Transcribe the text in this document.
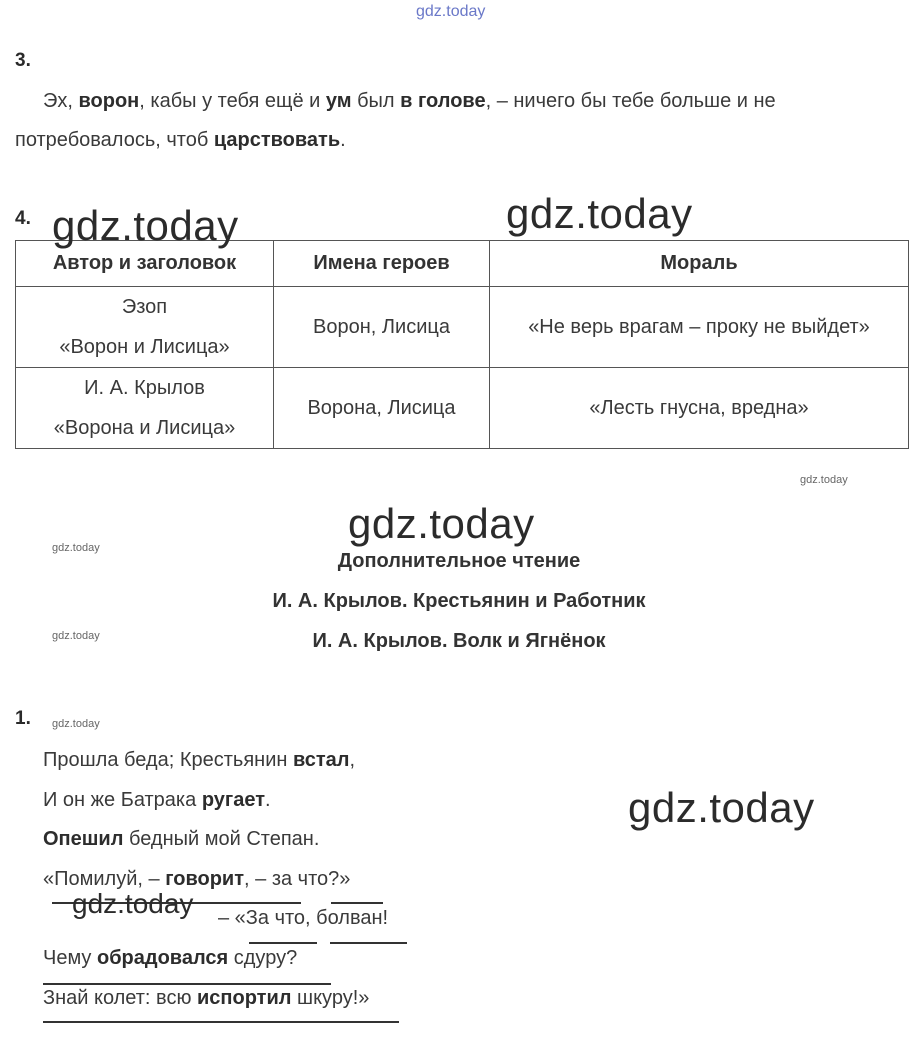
gdz.today
3.
Эх, ворон, кабы у тебя ещё и ум был в голове, – ничего бы тебе больше и не
потребовалось, чтоб царствовать.
4.
Автор и заголовок	Имена героев	Мораль

Эзоп
«Ворон и Лисица»	Ворон, Лисица	«Не верь врагам – проку не выйдет»

И. А. Крылов
«Ворона и Лисица»	Ворона, Лисица	«Лесть гнусна, вредна»
gdz.today	gdz.today
gdz.today
gdz.today
gdz.today
gdz.today
gdz.today
Дополнительное чтение
И. А. Крылов. Крестьянин и Работник
И. А. Крылов. Волк и Ягнёнок
1.
Прошла беда; Крестьянин встал,
И он же Батрака ругает.
Опешил бедный мой Степан.
«Помилуй, – говорит, – за что?»
– «За что, болван!
Чему обрадовался сдуру?
Знай колет: всю испортил шкуру!»
gdz.today
gdz.today
